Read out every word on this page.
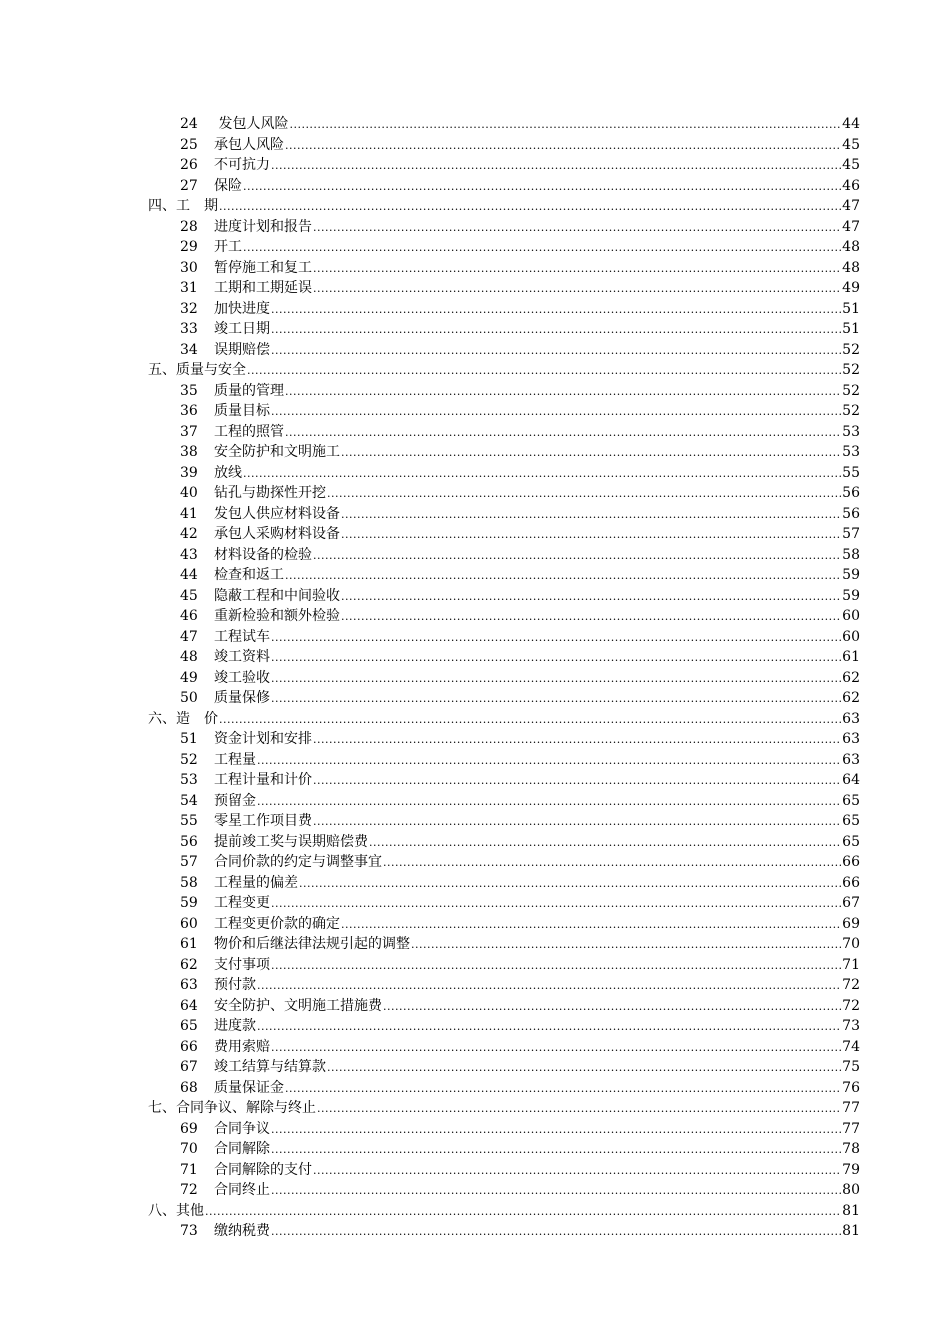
24	发包人风险 .....	44
25	承包人风险 .....	45
26	不可抗力 .....	45
27	保险 .....	46
四、工　期 .....	47
28	进度计划和报告 .....	47
29	开工 .....	48
30	暂停施工和复工 .....	48
31	工期和工期延误 .....	49
32	加快进度 .....	51
33	竣工日期 .....	51
34	误期赔偿 .....	52
五、质量与安全 .....	52
35	质量的管理 .....	52
36	质量目标 .....	52
37	工程的照管 .....	53
38	安全防护和文明施工 .....	53
39	放线 .....	55
40	钻孔与勘探性开挖 .....	56
41	发包人供应材料设备 .....	56
42	承包人采购材料设备 .....	57
43	材料设备的检验 .....	58
44	检查和返工 .....	59
45	隐蔽工程和中间验收 .....	59
46	重新检验和额外检验 .....	60
47	工程试车 .....	60
48	竣工资料 .....	61
49	竣工验收 .....	62
50	质量保修 .....	62
六、造　价 .....	63
51	资金计划和安排 .....	63
52	工程量 .....	63
53	工程计量和计价 .....	64
54	预留金 .....	65
55	零星工作项目费 .....	65
56	提前竣工奖与误期赔偿费 .....	65
57	合同价款的约定与调整事宜 .....	66
58	工程量的偏差 .....	66
59	工程变更 .....	67
60	工程变更价款的确定 .....	69
61	物价和后继法律法规引起的调整 .....	70
62	支付事项 .....	71
63	预付款 .....	72
64	安全防护、文明施工措施费 .....	72
65	进度款 .....	73
66	费用索赔 .....	74
67	竣工结算与结算款 .....	75
68	质量保证金 .....	76
七、合同争议、解除与终止 .....	77
69	合同争议 .....	77
70	合同解除 .....	78
71	合同解除的支付 .....	79
72	合同终止 .....	80
八、其他 .....	81
73	缴纳税费 .....	81
